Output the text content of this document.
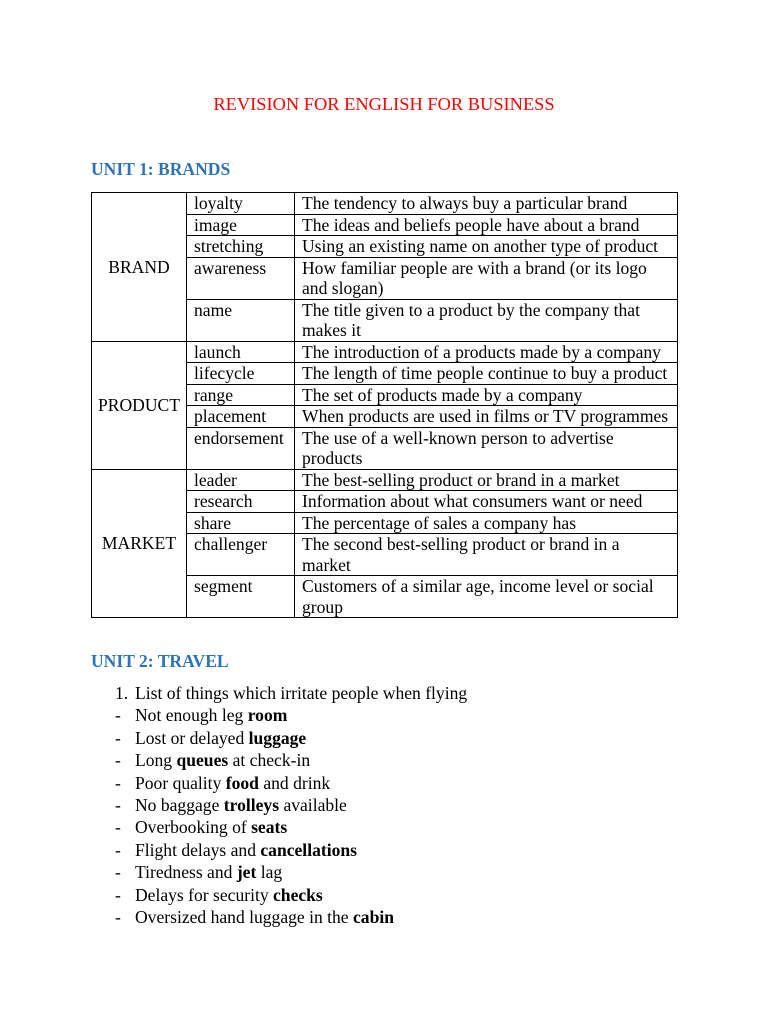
REVISION FOR ENGLISH FOR BUSINESS
UNIT 1: BRANDS
BRAND	loyalty	The tendency to always buy a particular brand
	image	The ideas and beliefs people have about a brand
	stretching	Using an existing name on another type of product
	awareness	How familiar people are with a brand (or its logo and slogan)
	name	The title given to a product by the company that makes it
PRODUCT	launch	The introduction of a products made by a company
	lifecycle	The length of time people continue to buy a product
	range	The set of products made by a company
	placement	When products are used in films or TV programmes
	endorsement	The use of a well-known person to advertise products
MARKET	leader	The best-selling product or brand in a market
	research	Information about what consumers want or need
	share	The percentage of sales a company has
	challenger	The second best-selling product or brand in a market
	segment	Customers of a similar age, income level or social group
UNIT 2: TRAVEL
1. List of things which irritate people when flying
- Not enough leg room
- Lost or delayed luggage
- Long queues at check-in
- Poor quality food and drink
- No baggage trolleys available
- Overbooking of seats
- Flight delays and cancellations
- Tiredness and jet lag
- Delays for security checks
- Oversized hand luggage in the cabin
